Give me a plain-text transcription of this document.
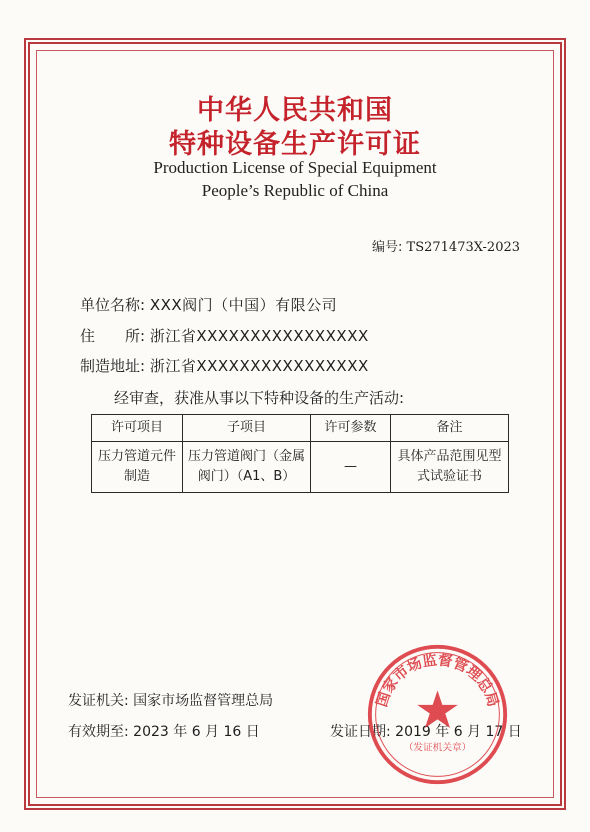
中华人民共和国
特种设备生产许可证
Production License of Special Equipment
People’s Republic of China
编号: TS271473X-2023
单位名称: XXX阀门（中国）有限公司
住　　所: 浙江省XXXXXXXXXXXXXXXX
制造地址: 浙江省XXXXXXXXXXXXXXXX
经审查，获准从事以下特种设备的生产活动:
许可项目	子项目	许可参数	备注
压力管道元件制造	压力管道阀门（金属阀门）（A1、B）	—	具体产品范围见型式试验证书
发证机关: 国家市场监督管理总局
有效期至: 2023 年 6 月 16 日	发证日期: 2019 年 6 月 17 日
国家市场监督管理总局
（发证机关章）
